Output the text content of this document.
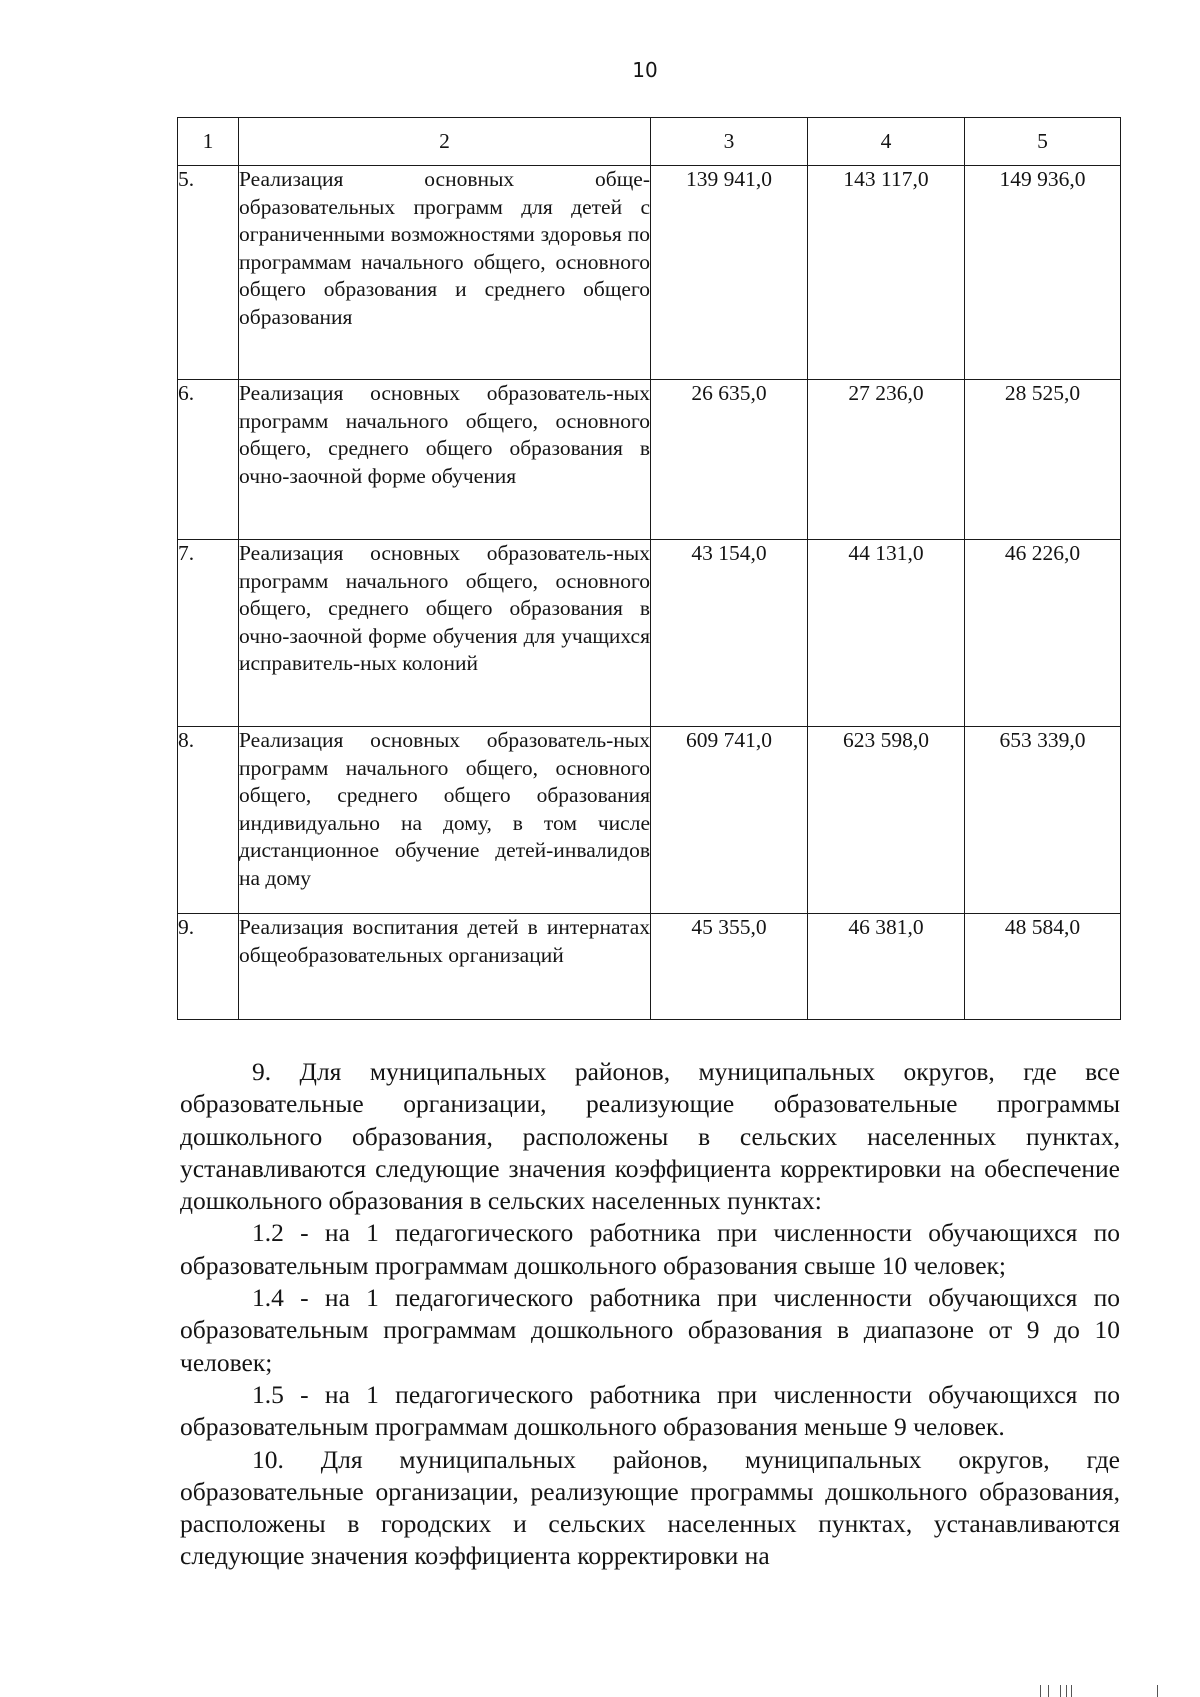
10
1	2	3	4	5
5.	Реализация основных обще-образовательных программ для детей с ограниченными возможностями здоровья по программам начального общего, основного общего образования и среднего общего образования	139 941,0	143 117,0	149 936,0
6.	Реализация основных образователь-ных программ начального общего, основного общего, среднего общего образования в очно-заочной форме обучения	26 635,0	27 236,0	28 525,0
7.	Реализация основных образователь-ных программ начального общего, основного общего, среднего общего образования в очно-заочной форме обучения для учащихся исправитель-ных колоний	43 154,0	44 131,0	46 226,0
8.	Реализация основных образователь-ных программ начального общего, основного общего, среднего общего образования индивидуально на дому, в том числе дистанционное обучение детей-инвалидов на дому	609 741,0	623 598,0	653 339,0
9.	Реализация воспитания детей в интернатах общеобразовательных организаций	45 355,0	46 381,0	48 584,0

9. Для муниципальных районов, муниципальных округов, где все образовательные организации, реализующие образовательные программы дошкольного образования, расположены в сельских населенных пунктах, устанавливаются следующие значения коэффициента корректировки на обеспечение дошкольного образования в сельских населенных пунктах:

1.2 - на 1 педагогического работника при численности обучающихся по образовательным программам дошкольного образования свыше 10 человек;

1.4 - на 1 педагогического работника при численности обучающихся по образовательным программам дошкольного образования в диапазоне от 9 до 10 человек;

1.5 - на 1 педагогического работника при численности обучающихся по образовательным программам дошкольного образования меньше 9 человек.

10. Для муниципальных районов, муниципальных округов, где образовательные организации, реализующие программы дошкольного образования, расположены в городских и сельских населенных пунктах, устанавливаются следующие значения коэффициента корректировки на
